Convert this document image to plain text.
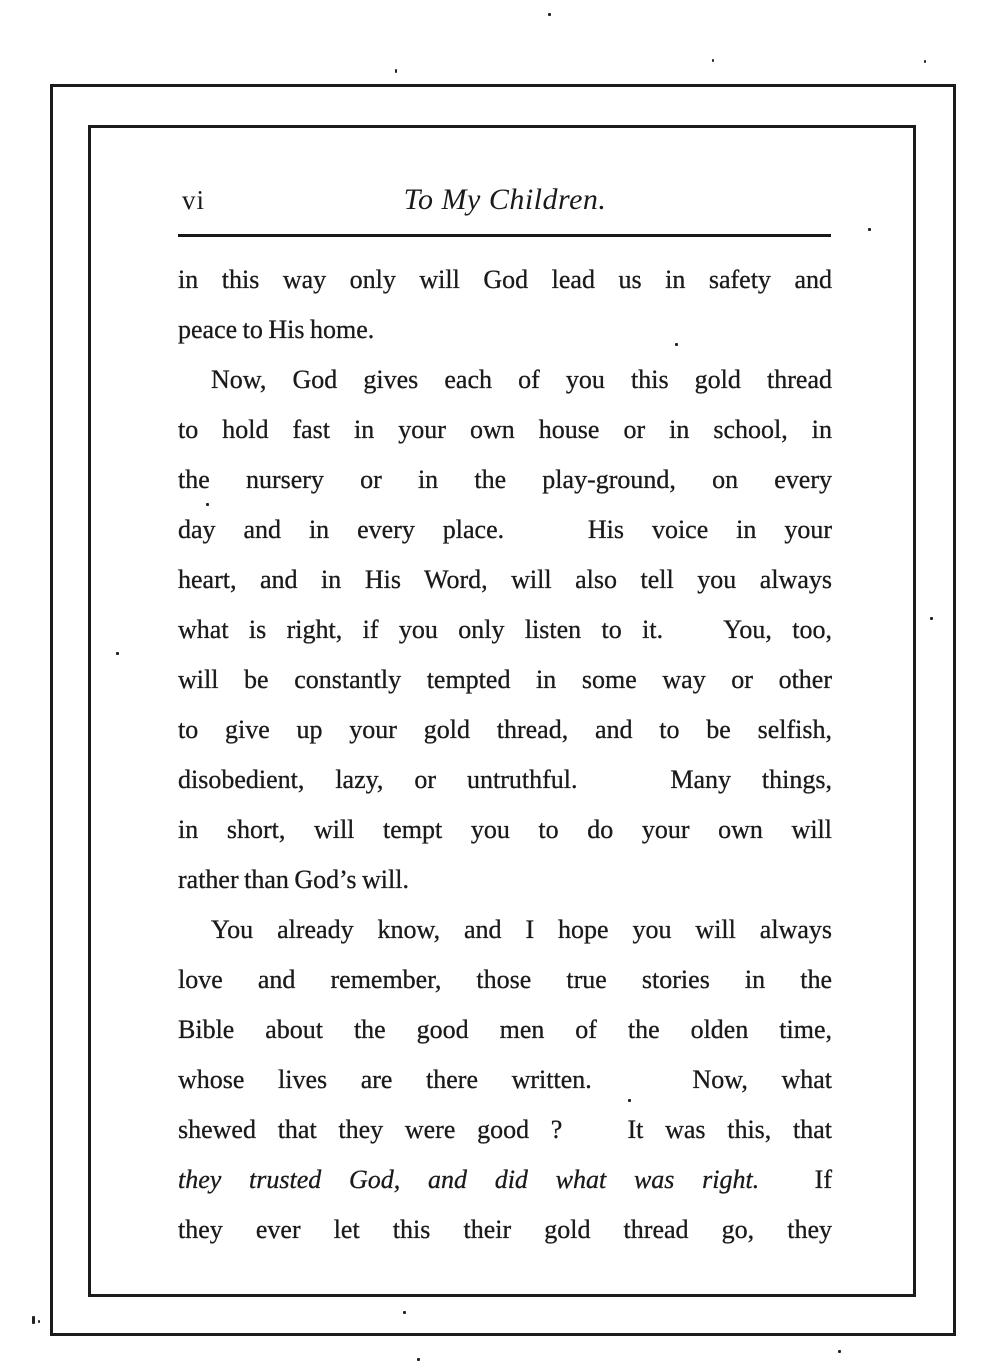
vi	To My Children.
in this way only will God lead us in safety and
peace to His home.
Now, God gives each of you this gold thread
to hold fast in your own house or in school, in
the nursery or in the play-ground, on every
day and in every place.   His voice in your
heart, and in His Word, will also tell you always
what is right, if you only listen to it.   You, too,
will be constantly tempted in some way or other
to give up your gold thread, and to be selfish,
disobedient, lazy, or untruthful.   Many things,
in short, will tempt you to do your own will
rather than God’s will.
You already know, and I hope you will always
love and remember, those true stories in the
Bible about the good men of the olden time,
whose lives are there written.   Now, what
shewed that they were good ?   It was this, that
they trusted God, and did what was right.  If
they ever let this their gold thread go, they
